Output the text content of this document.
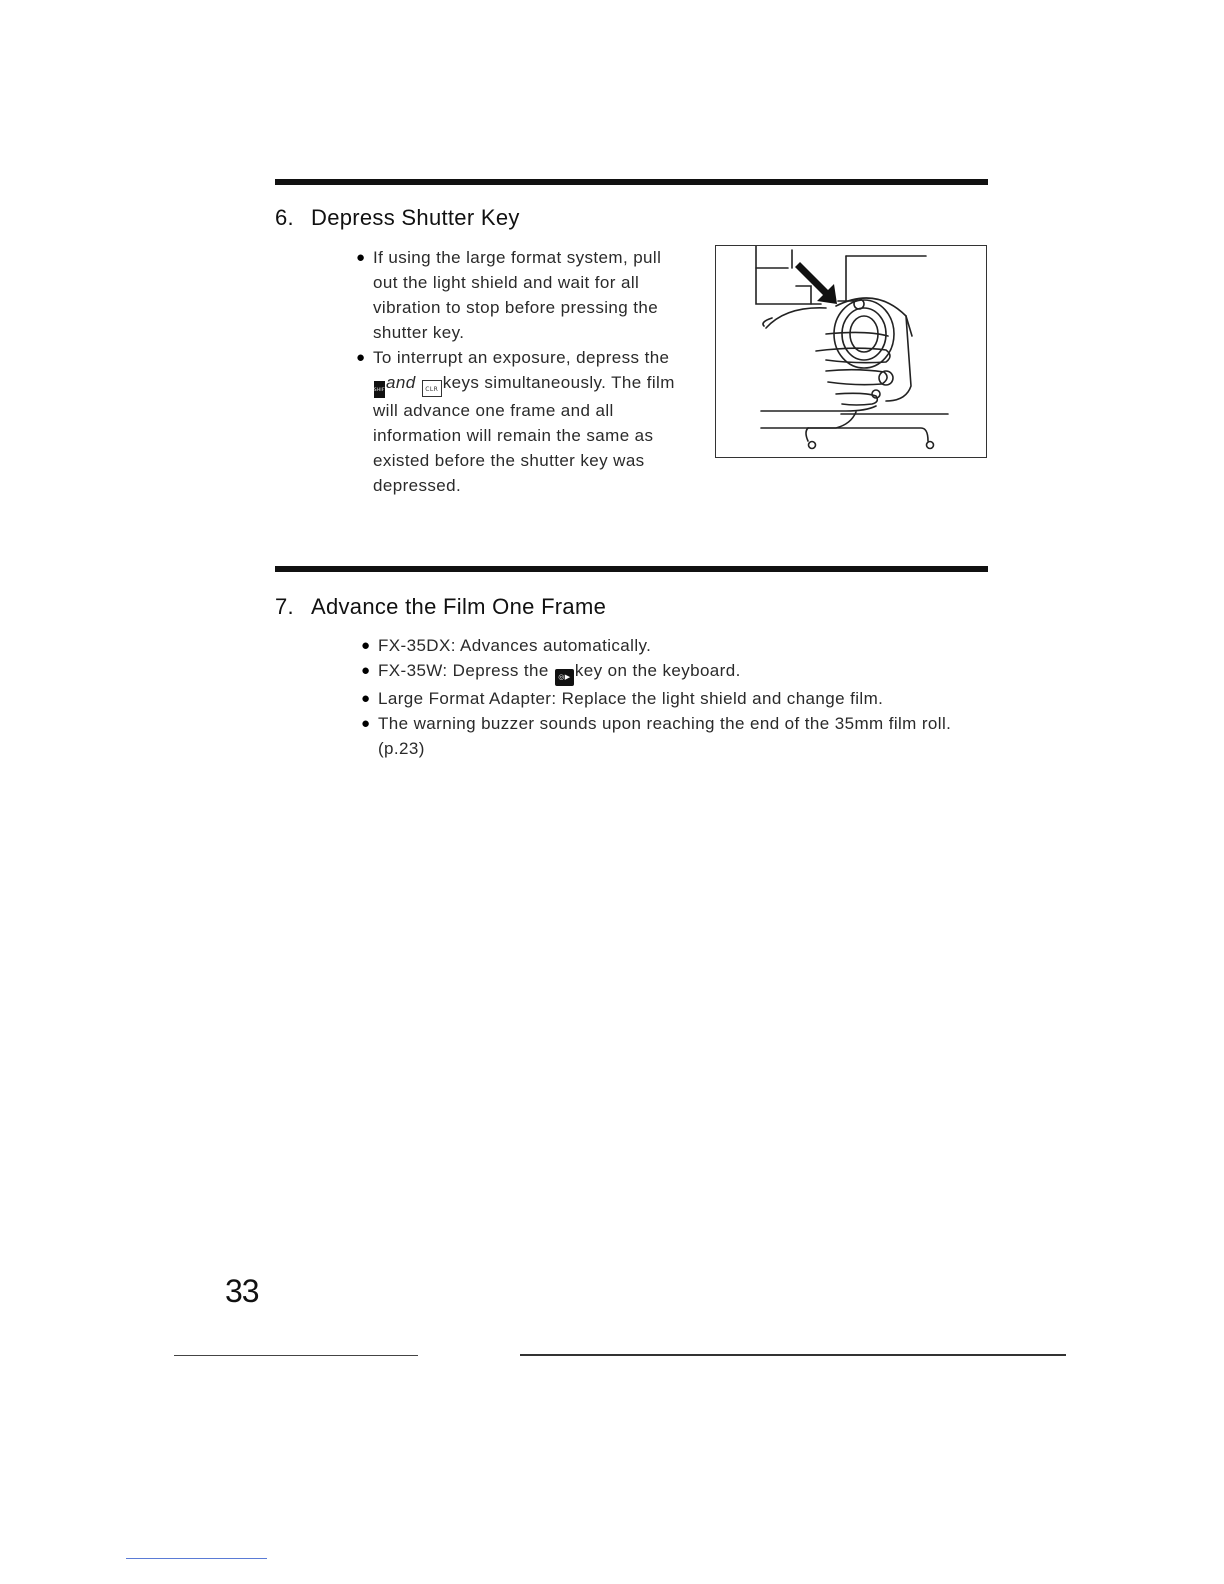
6. Depress Shutter Key
● If using the large format system, pull out the light shield and wait for all vibration to stop before pressing the shutter key.
● To interrupt an exposure, depress the SHIFTand CLR keys simultaneously. The film will advance one frame and all information will remain the same as existed before the shutter key was depressed.
7. Advance the Film One Frame
● FX-35DX: Advances automatically.
● FX-35W: Depress the ◎▶ key on the keyboard.
● Large Format Adapter: Replace the light shield and change film.
● The warning buzzer sounds upon reaching the end of the 35mm film roll. (p.23)

33
